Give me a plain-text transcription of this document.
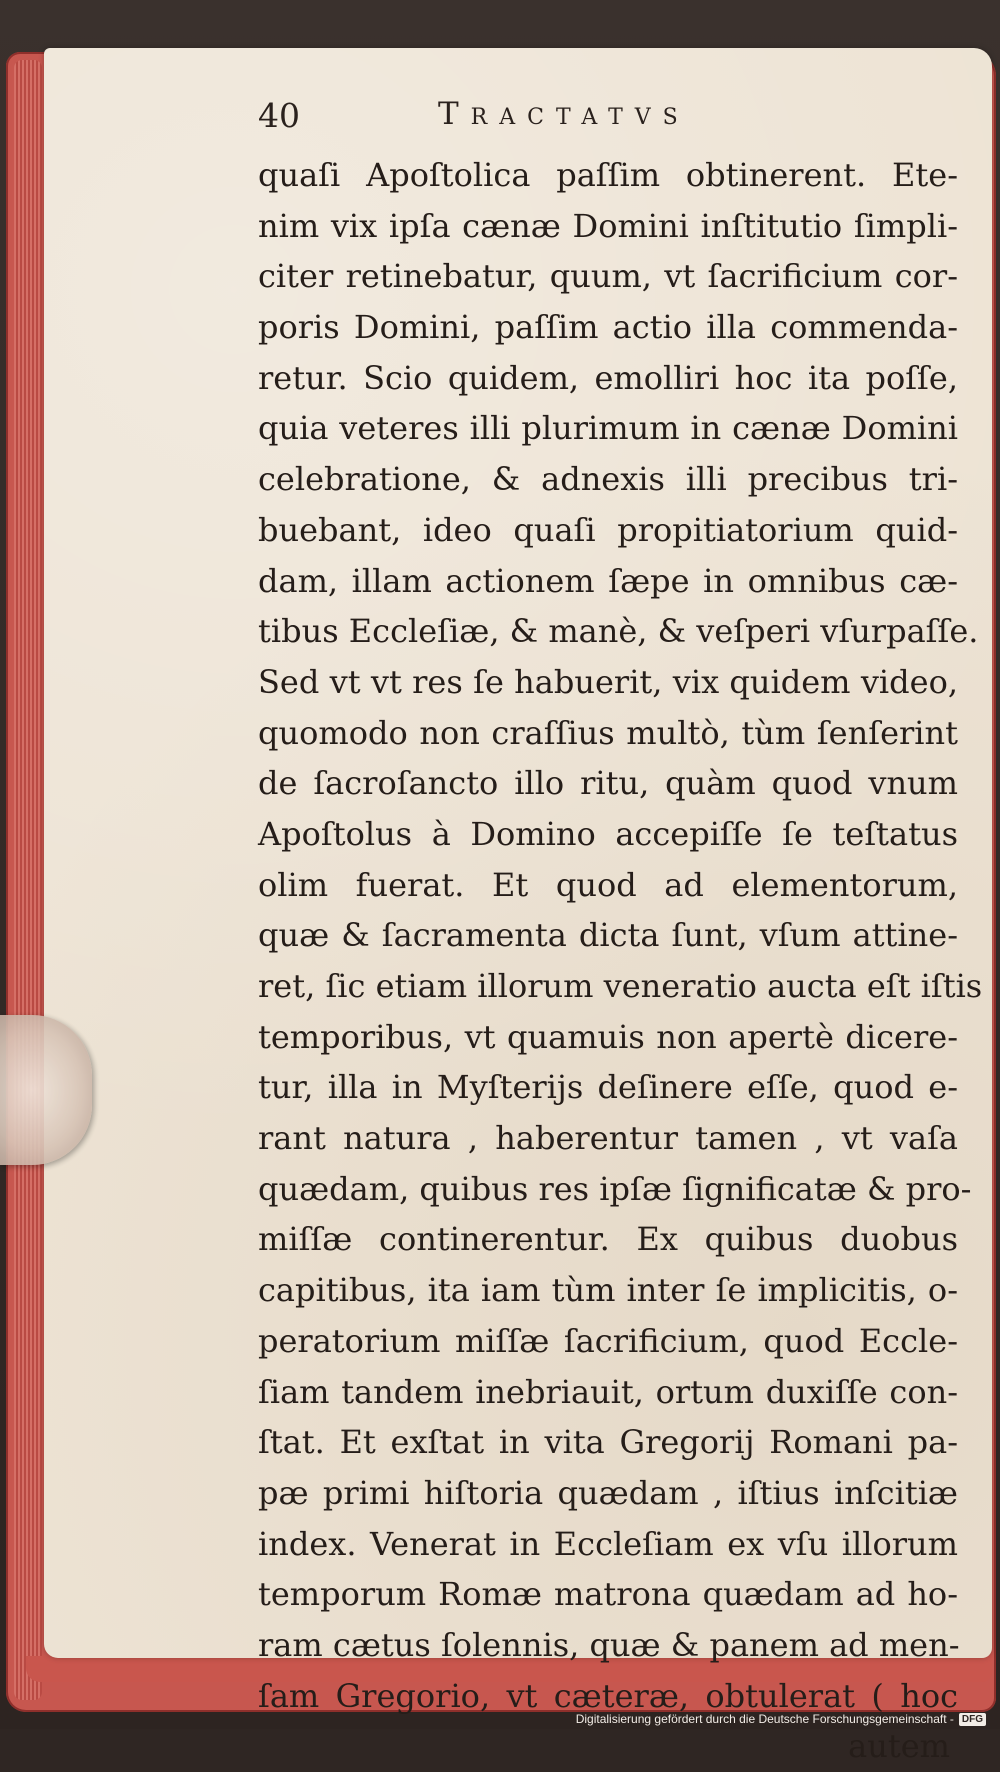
40	Tractatvs
quaſi Apoſtolica paſſim obtinerent. Ete-
nim vix ipſa cænæ Domini inſtitutio ſimpli-
citer retinebatur, quum, vt ſacrificium cor-
poris Domini, paſſim actio illa commenda-
retur. Scio quidem, emolliri hoc ita poſſe,
quia veteres illi plurimum in cænæ Domini
celebratione, & adnexis illi precibus tri-
buebant, ideo quaſi propitiatorium quid-
dam, illam actionem ſæpe in omnibus cæ-
tibus Eccleſiæ, & manè, & veſperi vſurpaſſe.
Sed vt vt res ſe habuerit, vix quidem video,
quomodo non craſſius multò, tùm ſenſerint
de ſacroſancto illo ritu, quàm quod vnum
Apoſtolus à Domino accepiſſe ſe teſtatus
olim fuerat. Et quod ad elementorum,
quæ & ſacramenta dicta ſunt, vſum attine-
ret, ſic etiam illorum veneratio aucta eſt iſtis
temporibus, vt quamuis non apertè dicere-
tur, illa in Myſterijs deſinere eſſe, quod e-
rant natura , haberentur tamen , vt vaſa
quædam, quibus res ipſæ ſignificatæ & pro-
miſſæ continerentur. Ex quibus duobus
capitibus, ita iam tùm inter ſe implicitis, o-
peratorium miſſæ ſacrificium, quod Eccle-
ſiam tandem inebriauit, ortum duxiſſe con-
ſtat. Et exſtat in vita Gregorij Romani pa-
pæ primi hiſtoria quædam , iſtius inſcitiæ
index. Venerat in Eccleſiam ex vſu illorum
temporum Romæ matrona quædam ad ho-
ram cætus ſolennis, quæ & panem ad men-
ſam Gregorio, vt cæteræ, obtulerat ( hoc
autem
Digitalisierung gefördert durch die Deutsche Forschungsgemeinschaft - DFG
